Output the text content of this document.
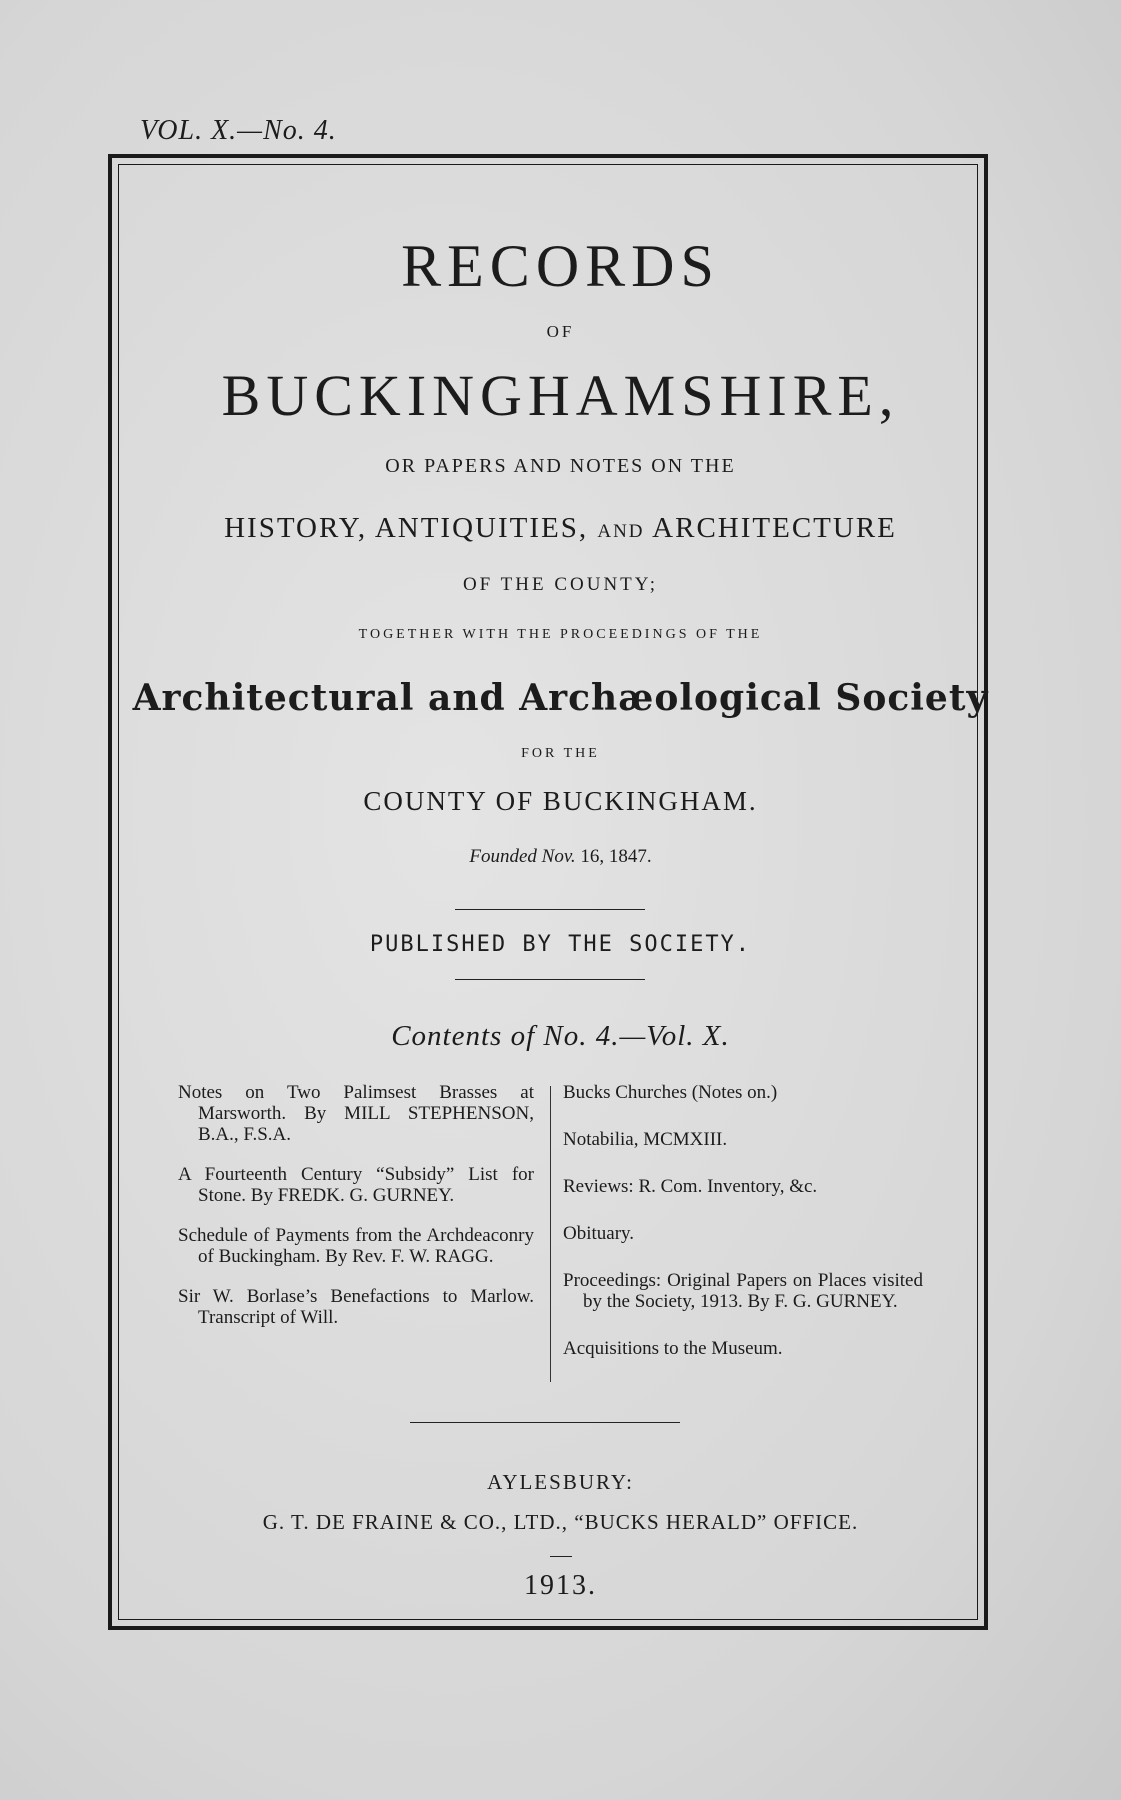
VOL. X.—No. 4.
RECORDS
OF
BUCKINGHAMSHIRE,
OR PAPERS AND NOTES ON THE
HISTORY, ANTIQUITIES, AND ARCHITECTURE
OF THE COUNTY;
TOGETHER WITH THE PROCEEDINGS OF THE
Architectural and Archæological Society
FOR THE
COUNTY OF BUCKINGHAM.
Founded Nov. 16, 1847.
PUBLISHED BY THE SOCIETY.
Contents of No. 4.—Vol. X.
Notes on Two Palimsest Brasses at Marsworth. By MILL STEPHENSON, B.A., F.S.A.
A Fourteenth Century “Subsidy” List for Stone. By FREDK. G. GURNEY.
Schedule of Payments from the Archdeaconry of Buckingham. By Rev. F. W. RAGG.
Sir W. Borlase’s Benefactions to Marlow. Transcript of Will.
Bucks Churches (Notes on.)
Notabilia, MCMXIII.
Reviews: R. Com. Inventory, &c.
Obituary.
Proceedings: Original Papers on Places visited by the Society, 1913. By F. G. GURNEY.
Acquisitions to the Museum.
AYLESBURY:
G. T. DE FRAINE & CO., LTD., “BUCKS HERALD” OFFICE.
1913.
